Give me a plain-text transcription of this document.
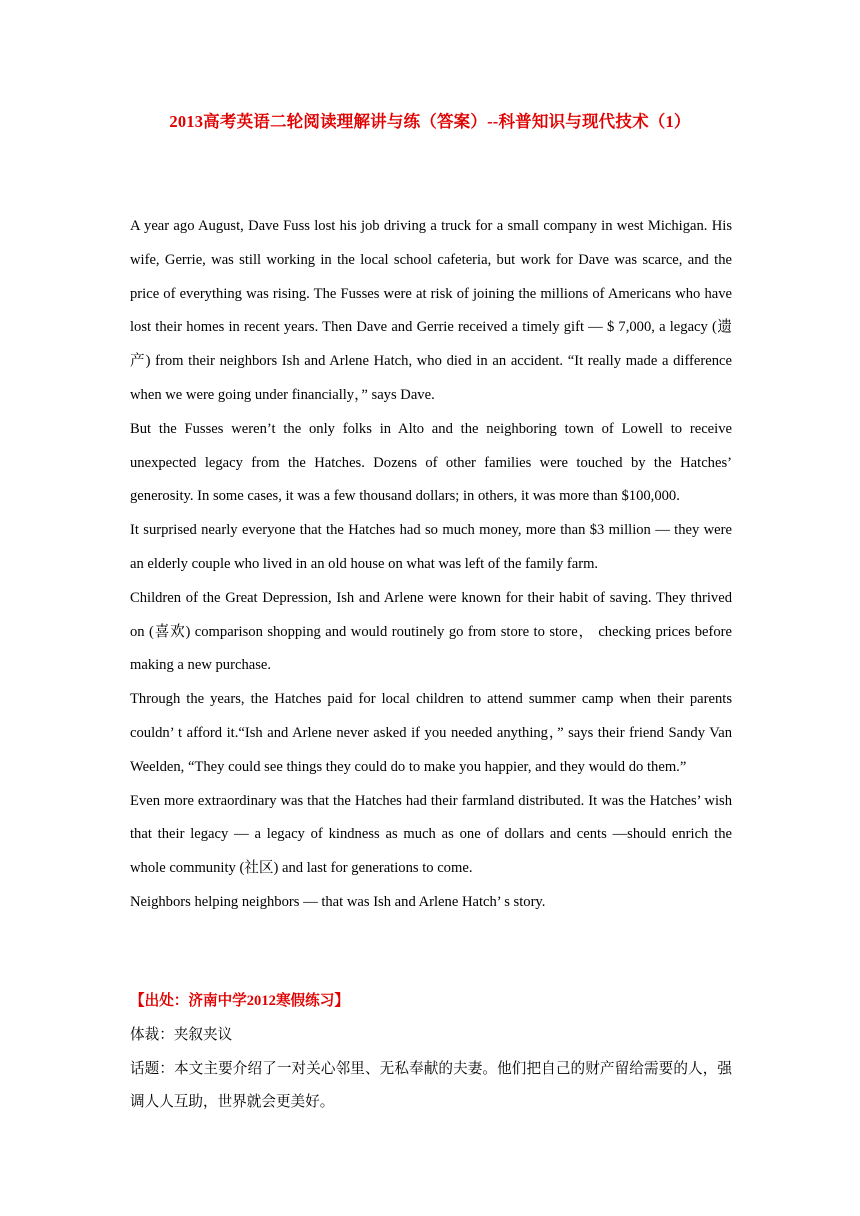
2013高考英语二轮阅读理解讲与练（答案）--科普知识与现代技术（1）

A year ago August, Dave Fuss lost his job driving a truck for a small company in west Michigan. His wife, Gerrie, was still working in the local school cafeteria, but work for Dave was scarce, and the price of everything was rising. The Fusses were at risk of joining the millions of Americans who have lost their homes in recent years. Then Dave and Gerrie received a timely gift — $ 7,000, a legacy (遗产) from their neighbors Ish and Arlene Hatch, who died in an accident. “It really made a difference when we were going under financially，” says Dave.

But the Fusses weren’t the only folks in Alto and the neighboring town of Lowell to receive unexpected legacy from the Hatches. Dozens of other families were touched by the Hatches’ generosity. In some cases, it was a few thousand dollars; in others, it was more than $100,000.

It surprised nearly everyone that the Hatches had so much money, more than $3 million — they were an elderly couple who lived in an old house on what was left of the family farm.

Children of the Great Depression, Ish and Arlene were known for their habit of saving. They thrived on (喜欢) comparison shopping and would routinely go from store to store， checking prices before making a new purchase.

Through the years, the Hatches paid for local children to attend summer camp when their parents couldn’ t afford it.“Ish and Arlene never asked if you needed anything，” says their friend Sandy Van Weelden, “They could see things they could do to make you happier, and they would do them.”

Even more extraordinary was that the Hatches had their farmland distributed. It was the Hatches’ wish that their legacy — a legacy of kindness as much as one of dollars and cents —should enrich the whole community (社区) and last for generations to come.

Neighbors helping neighbors — that was Ish and Arlene Hatch’ s story.

【出处：济南中学2012寒假练习】

体裁：夹叙夹议

话题：本文主要介绍了一对关心邻里、无私奉献的夫妻。他们把自己的财产留给需要的人，强调人人互助，世界就会更美好。
